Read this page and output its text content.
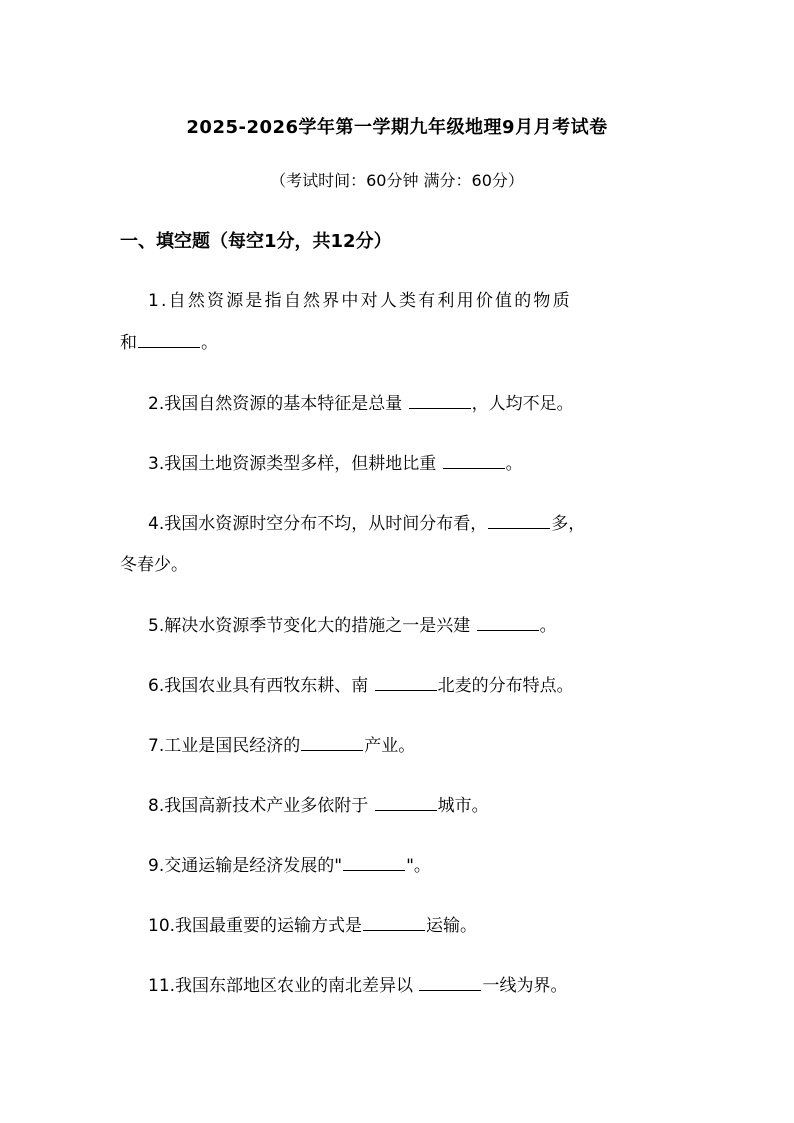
2025-2026学年第一学期九年级地理9月月考试卷
（考试时间：60分钟 满分：60分）
一、填空题（每空1分，共12分）
1.自然资源是指自然界中对人类有利用价值的物质
和	。
2.我国自然资源的基本特征是总量	，人均不足。
3.我国土地资源类型多样，但耕地比重	。
4.我国水资源时空分布不均，从时间分布看，	多，
冬春少。
5.解决水资源季节变化大的措施之一是兴建	。
6.我国农业具有西牧东耕、南	北麦的分布特点。
7.工业是国民经济的	产业。
8.我国高新技术产业多依附于	城市。
9.交通运输是经济发展的"	"。
10.我国最重要的运输方式是	运输。
11.我国东部地区农业的南北差异以	一线为界。
